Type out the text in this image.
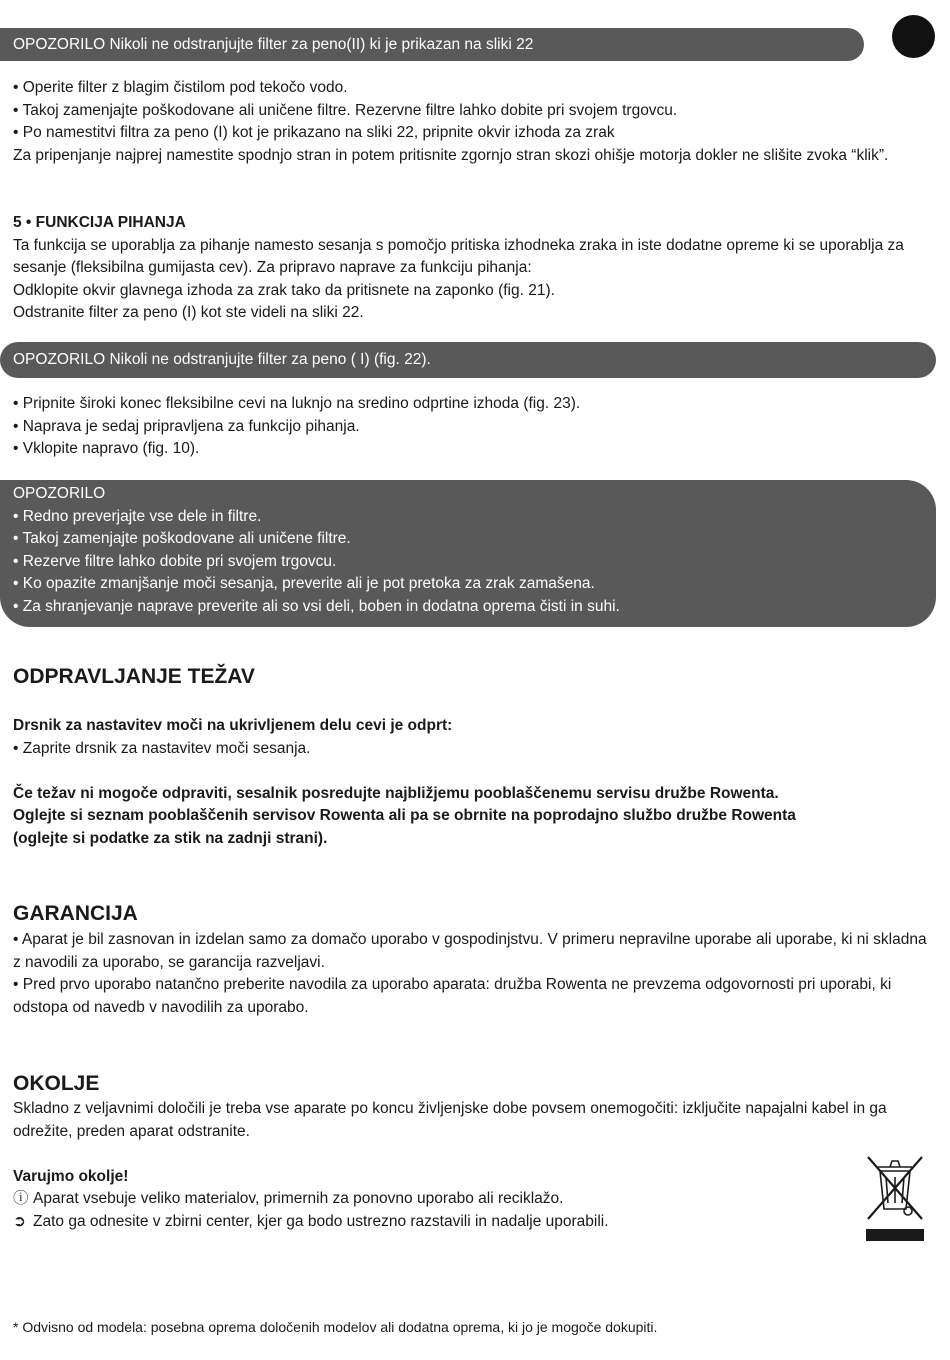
OPOZORILO Nikoli ne odstranjujte filter za peno(II) ki je prikazan na sliki 22
• Operite filter z blagim čistilom pod tekočo vodo.
• Takoj zamenjajte poškodovane ali uničene filtre. Rezervne filtre lahko dobite pri svojem trgovcu.
• Po namestitvi filtra za peno (I) kot je prikazano na sliki 22, pripnite okvir izhoda za zrak
Za pripenjanje najprej namestite spodnjo stran in potem pritisnite zgornjo stran skozi ohišje motorja dokler ne slišite zvoka “klik”.
5 • FUNKCIJA PIHANJA
Ta funkcija se uporablja za pihanje namesto sesanja s pomočjo pritiska izhodneka zraka in iste dodatne opreme ki se uporablja za sesanje (fleksibilna gumijasta cev). Za pripravo naprave za funkciju pihanja:
Odklopite okvir glavnega izhoda za zrak tako da pritisnete na zaponko (fig. 21).
Odstranite filter za peno (I) kot ste videli na sliki 22.
OPOZORILO Nikoli ne odstranjujte filter za peno ( I) (fig. 22).
• Pripnite široki konec fleksibilne cevi na luknjo na sredino odprtine izhoda (fig. 23).
• Naprava je sedaj pripravljena za funkcijo pihanja.
• Vklopite napravo (fig. 10).
OPOZORILO
• Redno preverjajte vse dele in filtre.
• Takoj zamenjajte poškodovane ali uničene filtre.
• Rezerve filtre lahko dobite pri svojem trgovcu.
• Ko opazite zmanjšanje moči sesanja, preverite ali je pot pretoka za zrak zamašena.
• Za shranjevanje naprave preverite ali so vsi deli, boben in dodatna oprema čisti in suhi.
ODPRAVLJANJE TEŽAV
Drsnik za nastavitev moči na ukrivljenem delu cevi je odprt:
• Zaprite drsnik za nastavitev moči sesanja.

Če težav ni mogoče odpraviti, sesalnik posredujte najbližjemu pooblaščenemu servisu družbe Rowenta.
Oglejte si seznam pooblaščenih servisov Rowenta ali pa se obrnite na poprodajno službo družbe Rowenta
(oglejte si podatke za stik na zadnji strani).
GARANCIJA
• Aparat je bil zasnovan in izdelan samo za domačo uporabo v gospodinjstvu. V primeru nepravilne uporabe ali uporabe, ki ni skladna z navodili za uporabo, se garancija razveljavi.
• Pred prvo uporabo natančno preberite navodila za uporabo aparata: družba Rowenta ne prevzema odgovornosti pri uporabi, ki odstopa od navedb v navodilih za uporabo.
OKOLJE
Skladno z veljavnimi določili je treba vse aparate po koncu življenjske dobe povsem onemogočiti: izključite napajalni kabel in ga odrežite, preden aparat odstranite.

Varujmo okolje!
ⓘ Aparat vsebuje veliko materialov, primernih za ponovno uporabo ali reciklažo.
➲ Zato ga odnesite v zbirni center, kjer ga bodo ustrezno razstavili in nadalje uporabili.
* Odvisno od modela: posebna oprema določenih modelov ali dodatna oprema, ki jo je mogoče dokupiti.
